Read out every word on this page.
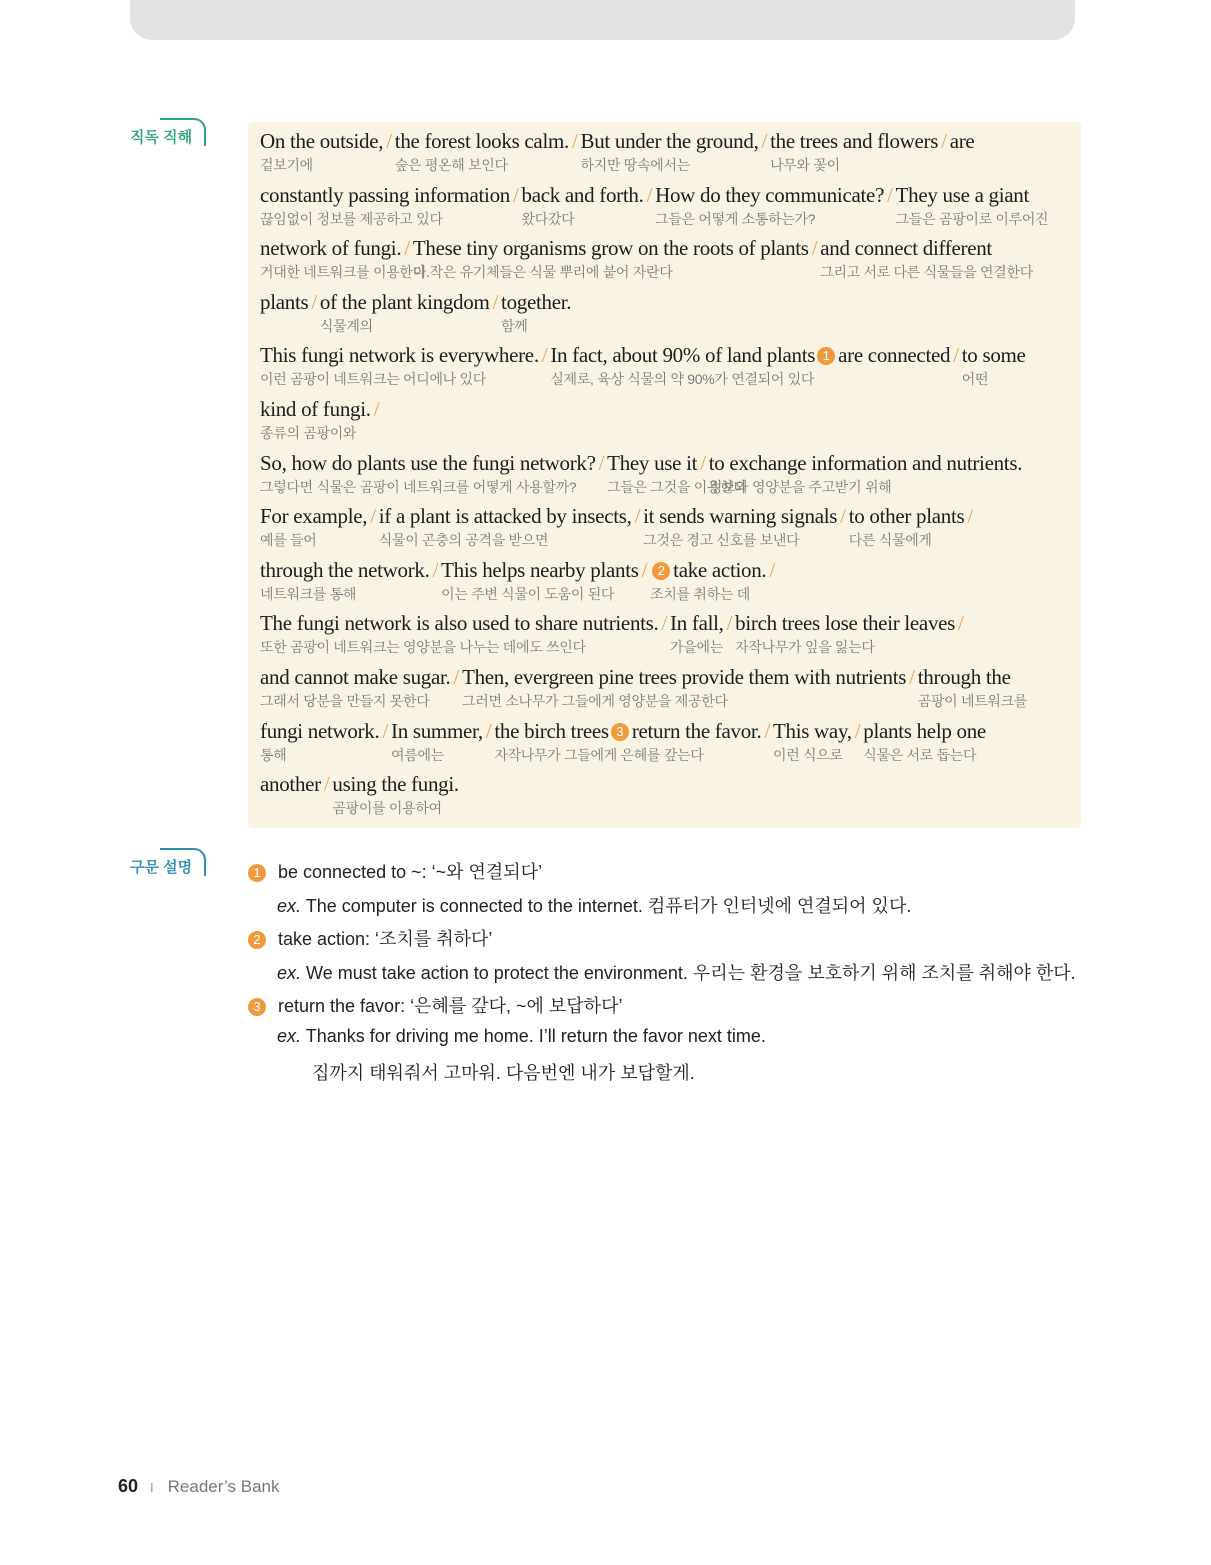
직독 직해	On the outside,
겉보기에
/ the forest looks calm.
숲은 평온해 보인다
/ But under the ground,
하지만 땅속에서는
/ the trees and flowers
나무와 꽃이
/ are
constantly passing information
끊임없이 정보를 제공하고 있다
/ back and forth.
왔다갔다
/ How do they communicate?
그들은 어떻게 소통하는가?
/ They use a giant
그들은 곰팡이로 이루어진
network of fungi.
거대한 네트워크를 이용한다.
/ These tiny organisms grow on the roots of plants
이 작은 유기체들은 식물 뿌리에 붙어 자란다
/ and connect different
그리고 서로 다른 식물들을 연결한다
plants / of the plant kingdom
식물계의
/ together.
함께
This fungi network is everywhere.
이런 곰팡이 네트워크는 어디에나 있다
/ In fact, about 90% of land plants 1 are connected
실제로, 육상 식물의 약 90%가 연결되어 있다
/ to some
어떤
kind of fungi.
종류의 곰팡이와
/
So, how do plants use the fungi network?
그렇다면 식물은 곰팡이 네트워크를 어떻게 사용할까?
/ They use it
그들은 그것을 이용한다
/ to exchange information and nutrients.
정보와 영양분을 주고받기 위해
For example,
예를 들어
/ if a plant is attacked by insects,
식물이 곤충의 공격을 받으면
/ it sends warning signals
그것은 경고 신호를 보낸다
/ to other plants
다른 식물에게
/
through the network.
네트워크를 통해
/ This helps nearby plants
이는 주변 식물이 도움이 된다
/ 2 take action.
조치를 취하는 데
/
The fungi network is also used to share nutrients.
또한 곰팡이 네트워크는 영양분을 나누는 데에도 쓰인다
/ In fall,
가을에는
/ birch trees lose their leaves
자작나무가 잎을 잃는다
/
and cannot make sugar.
그래서 당분을 만들지 못한다
/ Then, evergreen pine trees provide them with nutrients
그러면 소나무가 그들에게 영양분을 제공한다
/ through the
곰팡이 네트워크를
fungi network.
통해
/ In summer,
여름에는
/ the birch trees 3 return the favor.
자작나무가 그들에게 은혜를 갚는다
/ This way,
이런 식으로
/ plants help one
식물은 서로 돕는다
another / using the fungi.
곰팡이를 이용하여
구문 설명	1 be connected to ~: ‘~와 연결되다’
ex. The computer is connected to the internet. 컴퓨터가 인터넷에 연결되어 있다.
2 take action: ‘조치를 취하다’
ex. We must take action to protect the environment. 우리는 환경을 보호하기 위해 조치를 취해야 한다.
3 return the favor: ‘은혜를 갚다, ~에 보답하다’
ex. Thanks for driving me home. I’ll return the favor next time.
집까지 태워줘서 고마워. 다음번엔 내가 보답할게.
60 I Reader’s Bank
